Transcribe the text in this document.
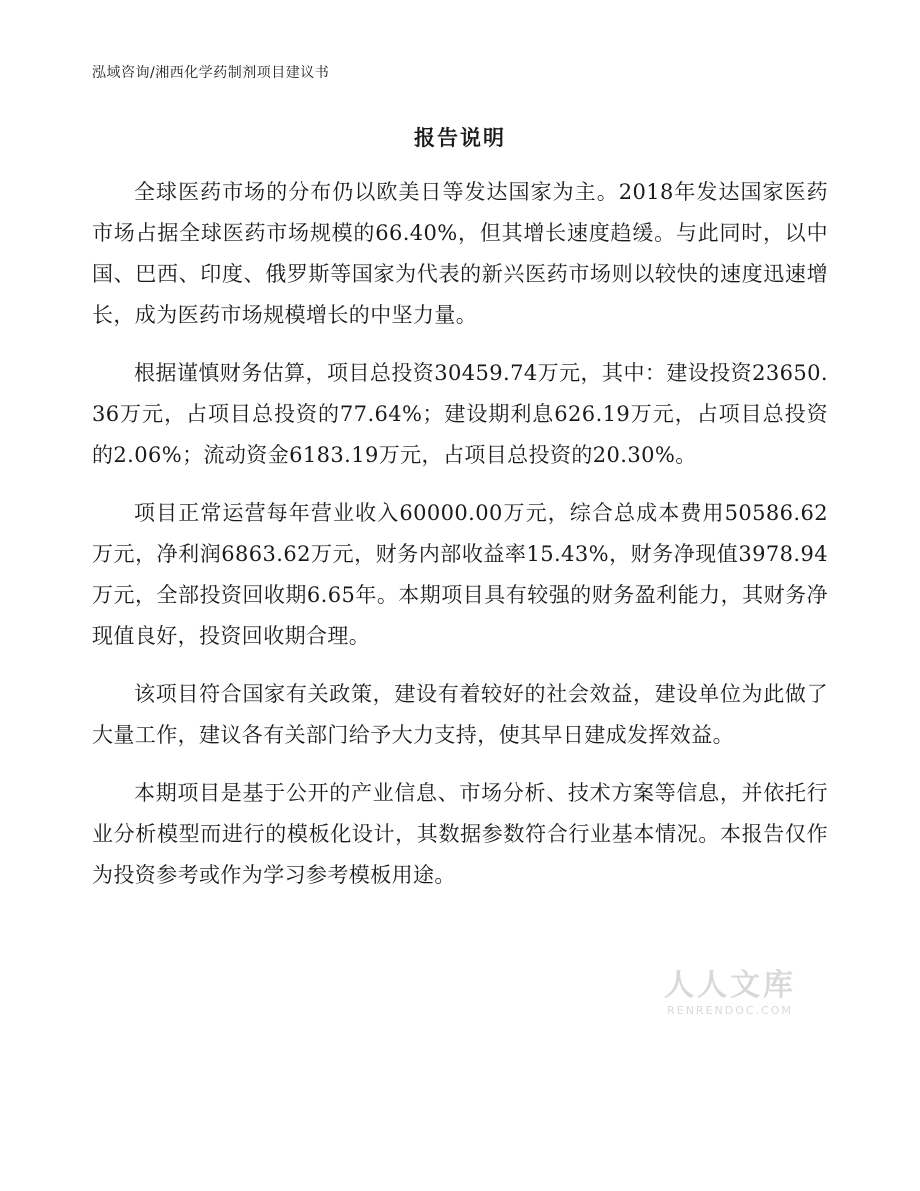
泓域咨询/湘西化学药制剂项目建议书
报告说明

全球医药市场的分布仍以欧美日等发达国家为主。2018年发达国家医药市场占据全球医药市场规模的66.40%，但其增长速度趋缓。与此同时，以中国、巴西、印度、俄罗斯等国家为代表的新兴医药市场则以较快的速度迅速增长，成为医药市场规模增长的中坚力量。

根据谨慎财务估算，项目总投资30459.74万元，其中：建设投资23650.36万元，占项目总投资的77.64%；建设期利息626.19万元，占项目总投资的2.06%；流动资金6183.19万元，占项目总投资的20.30%。

项目正常运营每年营业收入60000.00万元，综合总成本费用50586.62万元，净利润6863.62万元，财务内部收益率15.43%，财务净现值3978.94万元，全部投资回收期6.65年。本期项目具有较强的财务盈利能力，其财务净现值良好，投资回收期合理。

该项目符合国家有关政策，建设有着较好的社会效益，建设单位为此做了大量工作，建议各有关部门给予大力支持，使其早日建成发挥效益。

本期项目是基于公开的产业信息、市场分析、技术方案等信息，并依托行业分析模型而进行的模板化设计，其数据参数符合行业基本情况。本报告仅作为投资参考或作为学习参考模板用途。

人人文库
RENRENDOC.COM
